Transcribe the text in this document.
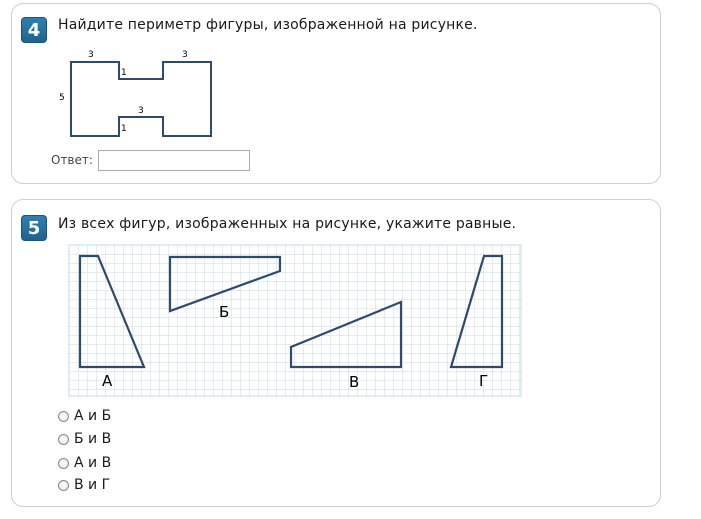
4	Найдите периметр фигуры, изображенной на рисунке.
5
3	3
1
3
1
Ответ:
5	Из всех фигур, изображенных на рисунке, укажите равные.
А
Б
В	Г
А и Б
Б и В
А и В
В и Г
